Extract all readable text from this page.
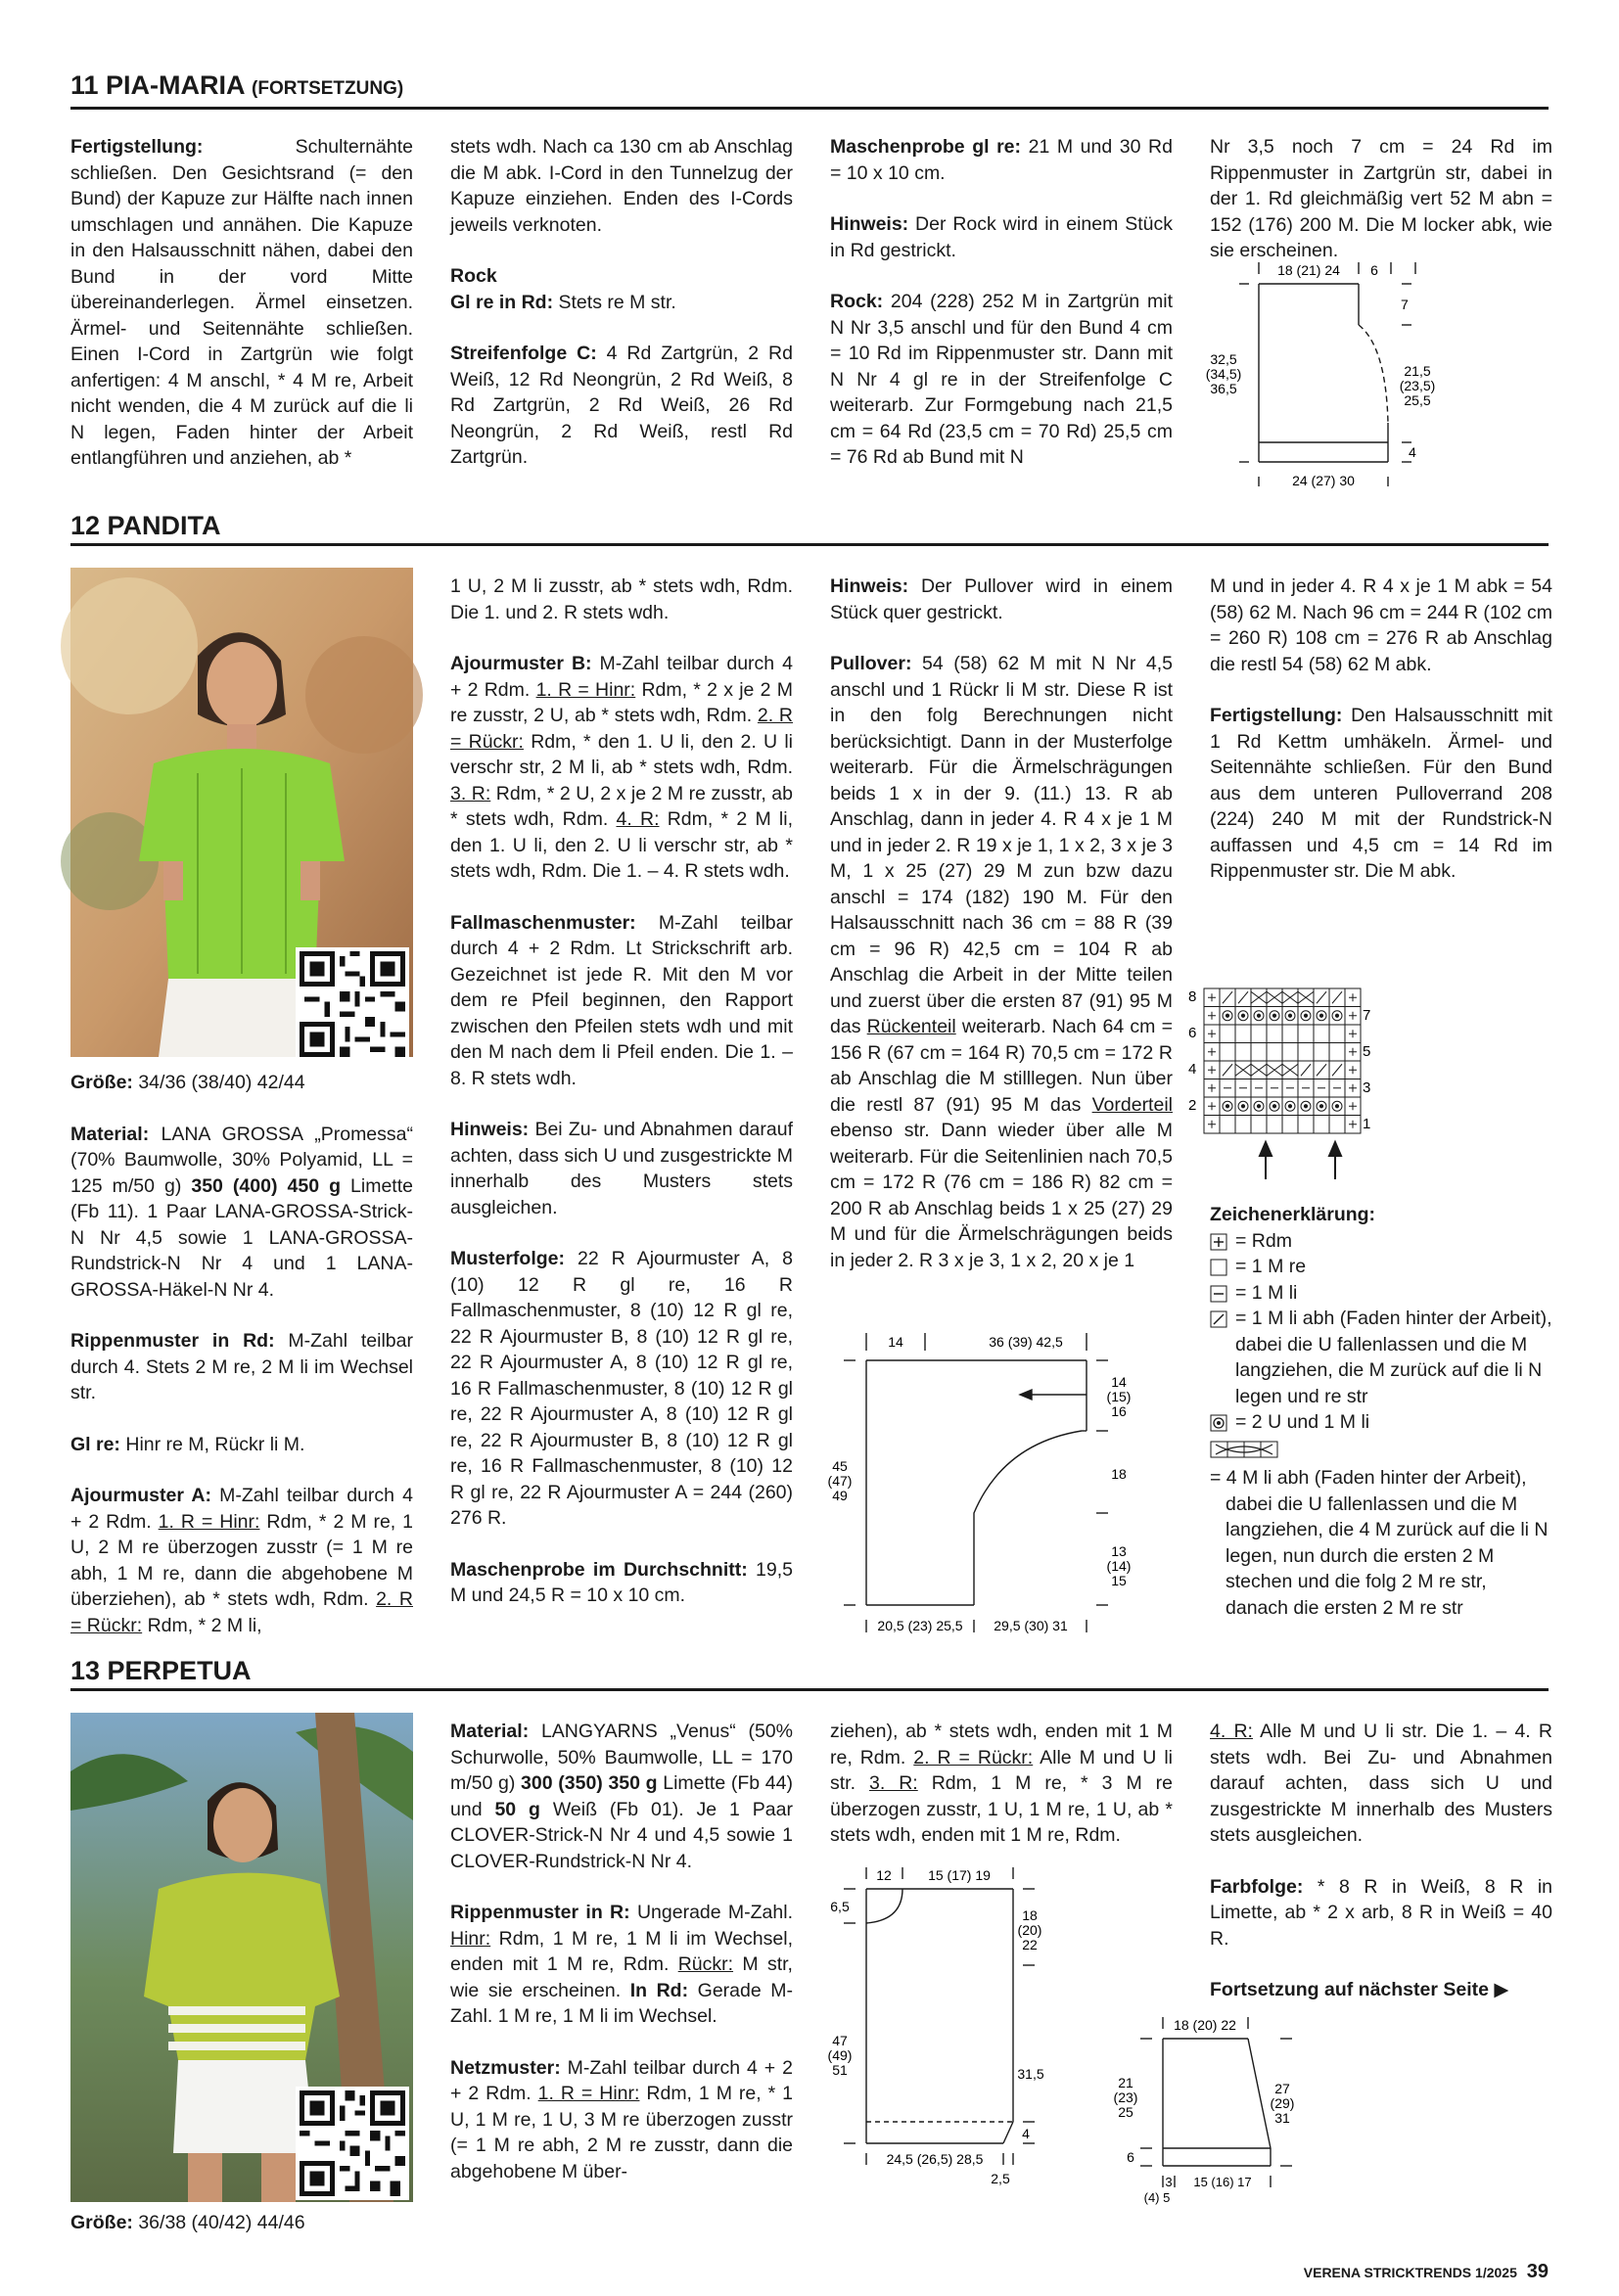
11 PIA-MARIA (FORTSETZUNG)

Fertigstellung: Schulternähte schließen. Den Gesichtsrand (= den Bund) der Kapuze zur Hälfte nach innen umschlagen und annähen. Die Kapuze in den Halsausschnitt nähen, dabei den Bund in der vord Mitte übereinanderlegen. Ärmel einsetzen. Ärmel- und Seitennähte schließen. Einen I-Cord in Zartgrün wie folgt anfertigen: 4 M anschl, * 4 M re, Arbeit nicht wenden, die 4 M zurück auf die li N legen, Faden hinter der Arbeit entlangführen und anziehen, ab *

stets wdh. Nach ca 130 cm ab Anschlag die M abk. I-Cord in den Tunnelzug der Kapuze einziehen. Enden des I-Cords jeweils verknoten.

Rock
Gl re in Rd: Stets re M str.

Streifenfolge C: 4 Rd Zartgrün, 2 Rd Weiß, 12 Rd Neongrün, 2 Rd Weiß, 8 Rd Zartgrün, 2 Rd Weiß, 26 Rd Neongrün, 2 Rd Weiß, restl Rd Zartgrün.

Maschenprobe gl re: 21 M und 30 Rd = 10 x 10 cm.

Hinweis: Der Rock wird in einem Stück in Rd gestrickt.

Rock: 204 (228) 252 M in Zartgrün mit N Nr 3,5 anschl und für den Bund 4 cm = 10 Rd im Rippenmuster str. Dann mit N Nr 4 gl re in der Streifenfolge C weiterarb. Zur Formgebung nach 21,5 cm = 64 Rd (23,5 cm = 70 Rd) 25,5 cm = 76 Rd ab Bund mit N

Nr 3,5 noch 7 cm = 24 Rd im Rippenmuster in Zartgrün str, dabei in der 1. Rd gleichmäßig vert 52 M abn = 152 (176) 200 M. Die M locker abk, wie sie erscheinen.

18 (21) 24 6
7
32,5
(34,5)
36,5
21,5
(23,5)
25,5
4
24 (27) 30
12 PANDITA

Größe: 34/36 (38/40) 42/44

Material: LANA GROSSA „Promessa“ (70% Baumwolle, 30% Polyamid, LL = 125 m/50 g) 350 (400) 450 g Limette (Fb 11). 1 Paar LANA-GROSSA-Strick-N Nr 4,5 sowie 1 LANA-GROSSA-Rundstrick-N Nr 4 und 1 LANA-GROSSA-Häkel-N Nr 4.

Rippenmuster in Rd: M-Zahl teilbar durch 4. Stets 2 M re, 2 M li im Wechsel str.

Gl re: Hinr re M, Rückr li M.

Ajourmuster A: M-Zahl teilbar durch 4 + 2 Rdm. 1. R = Hinr: Rdm, * 2 M re, 1 U, 2 M re überzogen zusstr (= 1 M re abh, 1 M re, dann die abgehobene M überziehen), ab * stets wdh, Rdm. 2. R = Rückr: Rdm, * 2 M li,

1 U, 2 M li zusstr, ab * stets wdh, Rdm. Die 1. und 2. R stets wdh.

Ajourmuster B: M-Zahl teilbar durch 4 + 2 Rdm. 1. R = Hinr: Rdm, * 2 x je 2 M re zusstr, 2 U, ab * stets wdh, Rdm. 2. R = Rückr: Rdm, * den 1. U li, den 2. U li verschr str, 2 M li, ab * stets wdh, Rdm. 3. R: Rdm, * 2 U, 2 x je 2 M re zusstr, ab * stets wdh, Rdm. 4. R: Rdm, * 2 M li, den 1. U li, den 2. U li verschr str, ab * stets wdh, Rdm. Die 1. – 4. R stets wdh.

Fallmaschenmuster: M-Zahl teilbar durch 4 + 2 Rdm. Lt Strickschrift arb. Gezeichnet ist jede R. Mit den M vor dem re Pfeil beginnen, den Rapport zwischen den Pfeilen stets wdh und mit den M nach dem li Pfeil enden. Die 1. – 8. R stets wdh.

Hinweis: Bei Zu- und Abnahmen darauf achten, dass sich U und zusgestrickte M innerhalb des Musters stets ausgleichen.

Musterfolge: 22 R Ajourmuster A, 8 (10) 12 R gl re, 16 R Fallmaschenmuster, 8 (10) 12 R gl re, 22 R Ajourmuster B, 8 (10) 12 R gl re, 22 R Ajourmuster A, 8 (10) 12 R gl re, 16 R Fallmaschenmuster, 8 (10) 12 R gl re, 22 R Ajourmuster A, 8 (10) 12 R gl re, 22 R Ajourmuster B, 8 (10) 12 R gl re, 16 R Fallmaschenmuster, 8 (10) 12 R gl re, 22 R Ajourmuster A = 244 (260) 276 R.

Maschenprobe im Durchschnitt: 19,5 M und 24,5 R = 10 x 10 cm.

Hinweis: Der Pullover wird in einem Stück quer gestrickt.

Pullover: 54 (58) 62 M mit N Nr 4,5 anschl und 1 Rückr li M str. Diese R ist in den folg Berechnungen nicht berücksichtigt. Dann in der Musterfolge weiterarb. Für die Ärmelschrägungen beids 1 x in der 9. (11.) 13. R ab Anschlag, dann in jeder 4. R 4 x je 1 M und in jeder 2. R 19 x je 1, 1 x 2, 3 x je 3 M, 1 x 25 (27) 29 M zun bzw dazu anschl = 174 (182) 190 M. Für den Halsausschnitt nach 36 cm = 88 R (39 cm = 96 R) 42,5 cm = 104 R ab Anschlag die Arbeit in der Mitte teilen und zuerst über die ersten 87 (91) 95 M das Rückenteil weiterarb. Nach 64 cm = 156 R (67 cm = 164 R) 70,5 cm = 172 R ab Anschlag die M stilllegen. Nun über die restl 87 (91) 95 M das Vorderteil ebenso str. Dann wieder über alle M weiterarb. Für die Seitenlinien nach 70,5 cm = 172 R (76 cm = 186 R) 82 cm = 200 R ab Anschlag beids 1 x 25 (27) 29 M und für die Ärmelschrägungen beids in jeder 2. R 3 x je 3, 1 x 2, 20 x je 1

M und in jeder 4. R 4 x je 1 M abk = 54 (58) 62 M. Nach 96 cm = 244 R (102 cm = 260 R) 108 cm = 276 R ab Anschlag die restl 54 (58) 62 M abk.

Fertigstellung: Den Halsausschnitt mit 1 Rd Kettm umhäkeln. Ärmel- und Seitennähte schließen. Für den Bund aus dem unteren Pulloverrand 208 (224) 240 M mit der Rundstrick-N auffassen und 4,5 cm = 14 Rd im Rippenmuster str. Die M abk.

8
6
4
2
7
5
3
1
Zeichenerklärung:
= Rdm
= 1 M re
= 1 M li
= 1 M li abh (Faden hinter der Arbeit), dabei die U fallenlassen und die M langziehen, die M zurück auf die li N legen und re str
= 2 U und 1 M li
= 4 M li abh (Faden hinter der Arbeit), dabei die U fallenlassen und die M langziehen, die 4 M zurück auf die li N legen, nun durch die ersten 2 M stechen und die folg 2 M re str, danach die ersten 2 M re str
14	36 (39) 42,5
14
(15)
16
18
13
(14)
15
45
(47)
49
20,5 (23) 25,5 29,5 (30) 31
13 PERPETUA

Größe: 36/38 (40/42) 44/46

Material: LANGYARNS „Venus“ (50% Schurwolle, 50% Baumwolle, LL = 170 m/50 g) 300 (350) 350 g Limette (Fb 44) und 50 g Weiß (Fb 01). Je 1 Paar CLOVER-Strick-N Nr 4 und 4,5 sowie 1 CLOVER-Rundstrick-N Nr 4.

Rippenmuster in R: Ungerade M-Zahl. Hinr: Rdm, 1 M re, 1 M li im Wechsel, enden mit 1 M re, Rdm. Rückr: M str, wie sie erscheinen. In Rd: Gerade M-Zahl. 1 M re, 1 M li im Wechsel.

Netzmuster: M-Zahl teilbar durch 4 + 2 + 2 Rdm. 1. R = Hinr: Rdm, 1 M re, * 1 U, 1 M re, 1 U, 3 M re überzogen zusstr (= 1 M re abh, 2 M re zusstr, dann die abgehobene M über-

ziehen), ab * stets wdh, enden mit 1 M re, Rdm. 2. R = Rückr: Alle M und U li str. 3. R: Rdm, 1 M re, * 3 M re überzogen zusstr, 1 U, 1 M re, 1 U, ab * stets wdh, enden mit 1 M re, Rdm.

4. R: Alle M und U li str. Die 1. – 4. R stets wdh. Bei Zu- und Abnahmen darauf achten, dass sich U und zusgestrickte M innerhalb des Musters stets ausgleichen.

Farbfolge: * 8 R in Weiß, 8 R in Limette, ab * 2 x arb, 8 R in Weiß = 40 R.

Fortsetzung auf nächster Seite ▶

12	15 (17) 19
6,5
18
(20)
22
47
(49)
51	31,5
4
24,5 (26,5) 28,5
2,5
18 (20) 22
21
(23)
25
27
(29)
31
6
3
(4) 5
15 (16) 17
VERENA STRICKTRENDS 1/2025 39
